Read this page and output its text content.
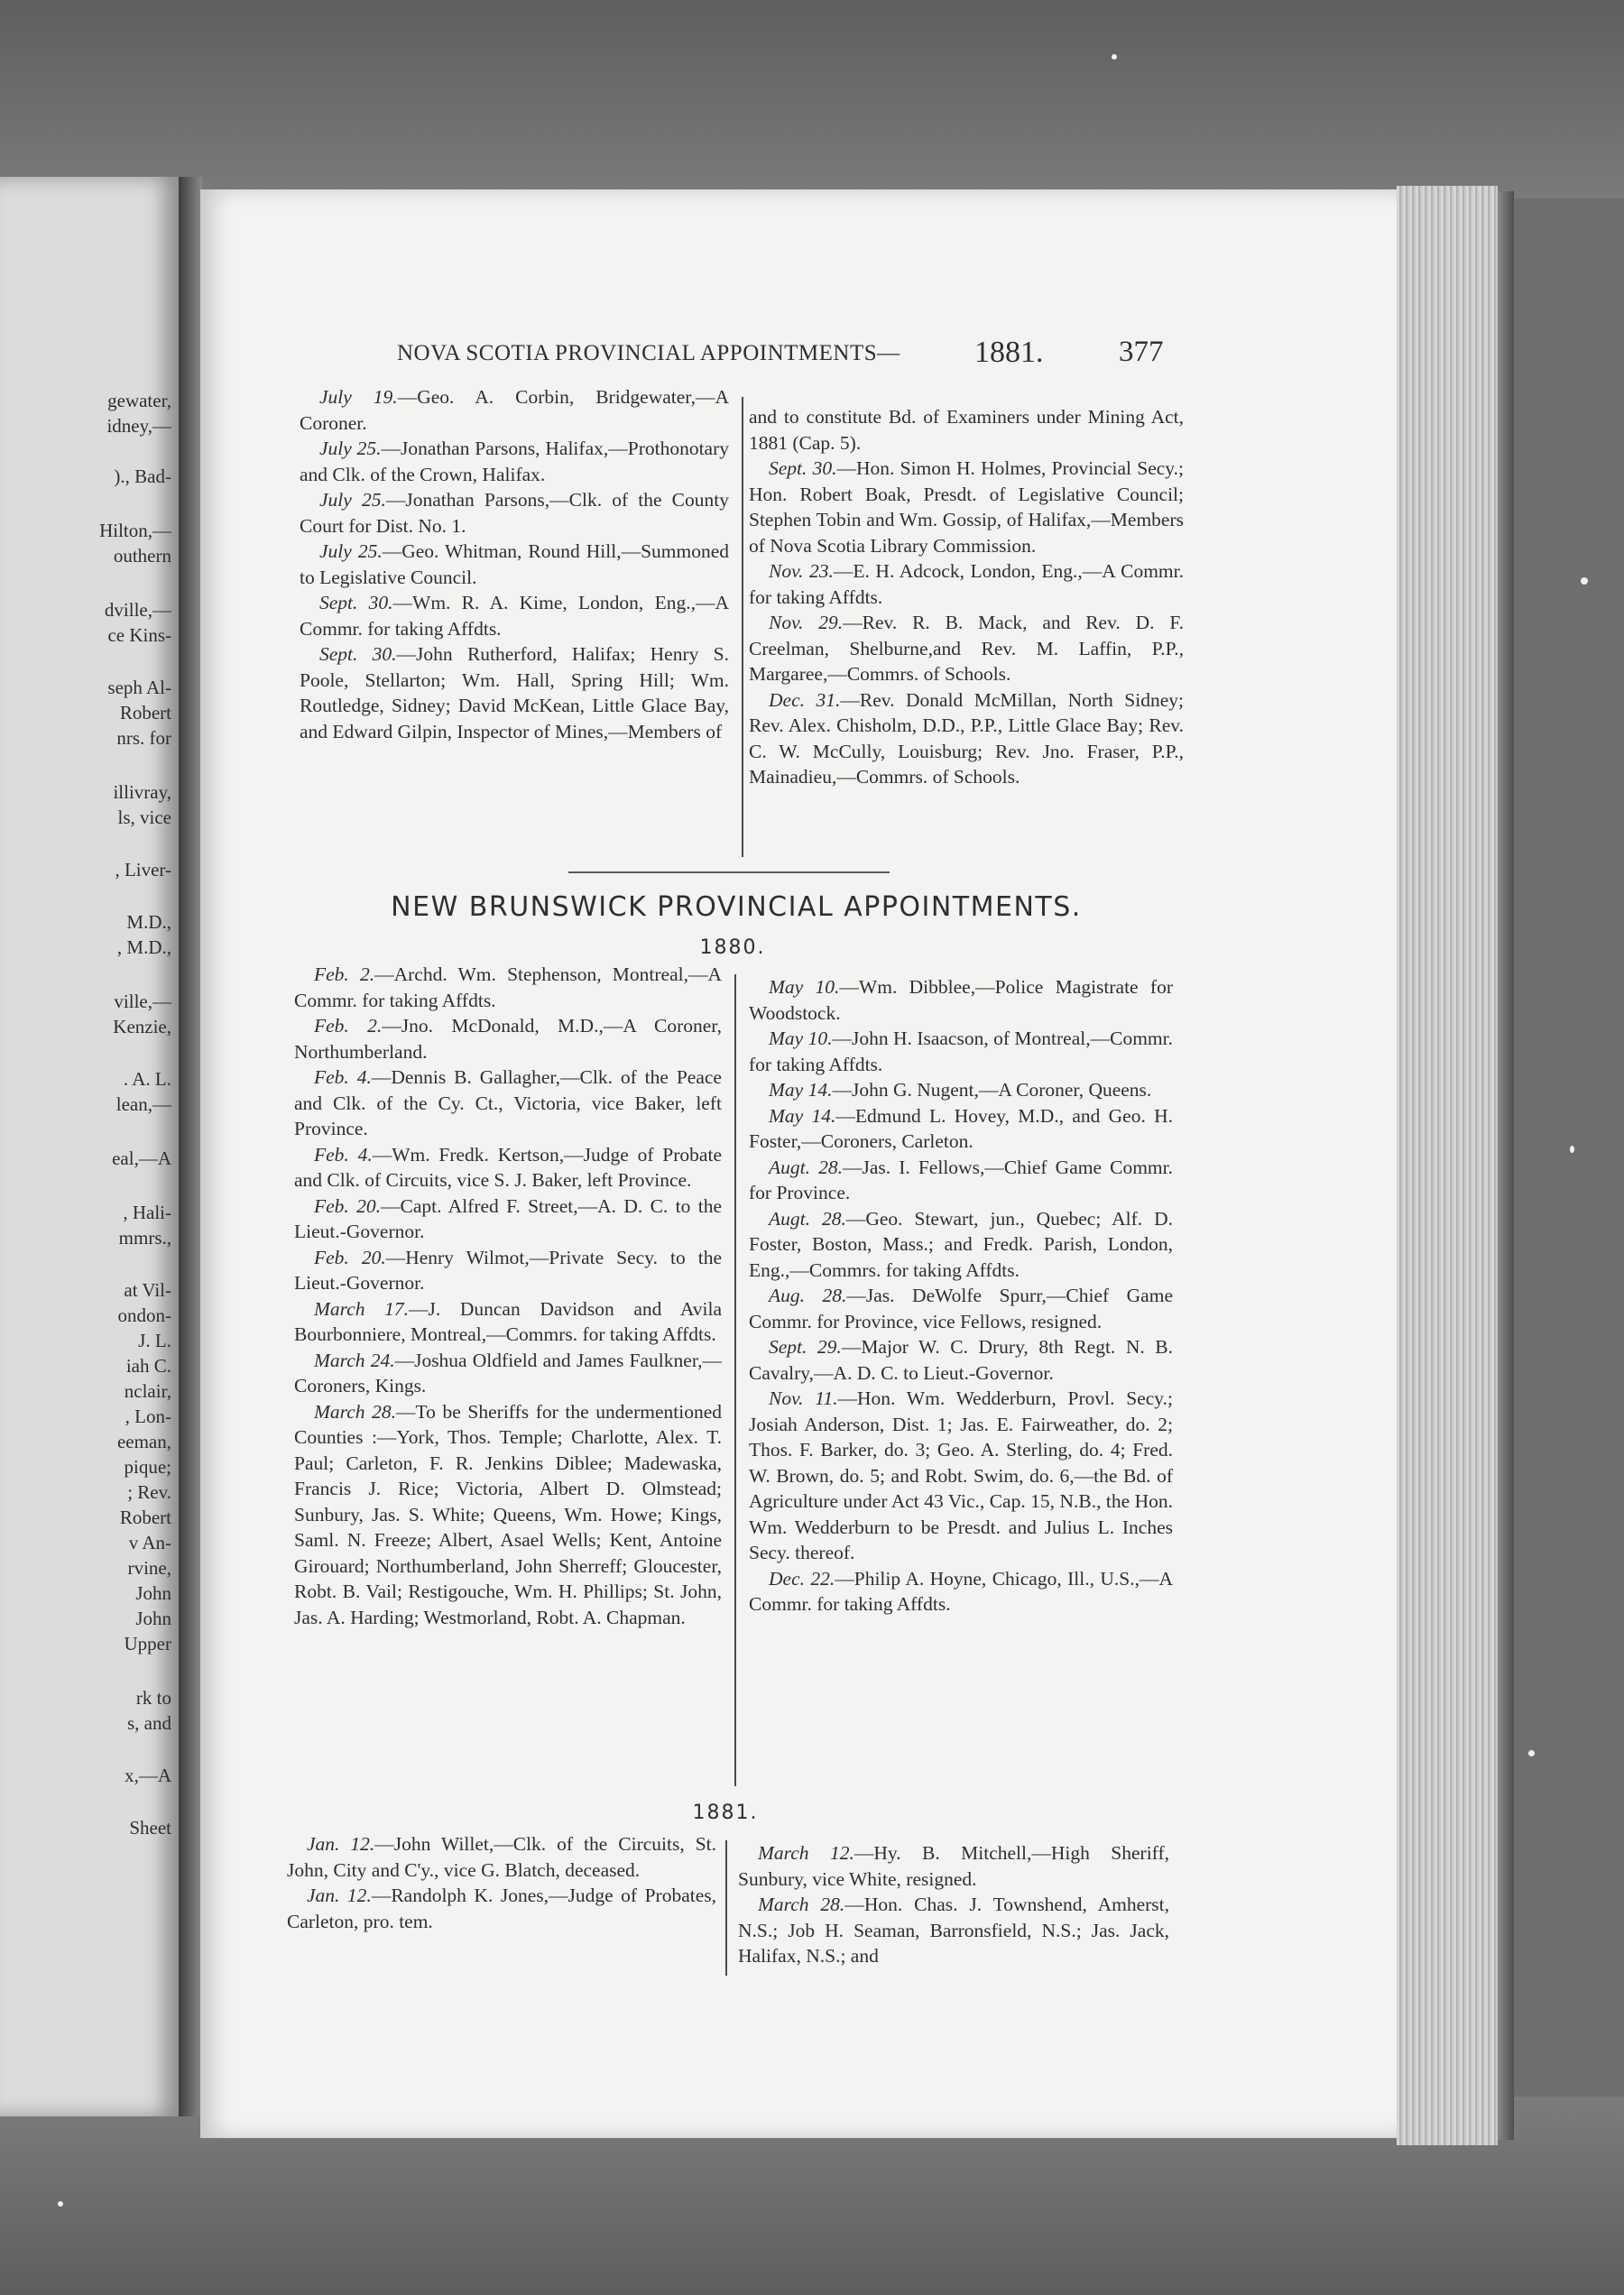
gewater,
idney,—
)., Bad-
Hilton,—
outhern
dville,—
ce Kins-
seph Al-
Robert
nrs. for
illivray,
ls, vice
, Liver-
M.D.,
, M.D.,
ville,—
Kenzie,
. A. L.
lean,—
eal,—A
, Hali-
mmrs.,
at Vil-
ondon-
J. L.
iah C.
nclair,
, Lon-
eeman,
pique;
; Rev.
Robert
v An-
rvine,
John
John
Upper
rk to
s, and
x,—A
Sheet
NOVA SCOTIA PROVINCIAL APPOINTMENTS— 1881.	377

July 19.—Geo. A. Corbin, Bridgewater,—A Coroner.

July 25.—Jonathan Parsons, Halifax,—Prothonotary and Clk. of the Crown, Halifax.

July 25.—Jonathan Parsons,—Clk. of the County Court for Dist. No. 1.

July 25.—Geo. Whitman, Round Hill,—Summoned to Legislative Council.

Sept. 30.—Wm. R. A. Kime, London, Eng.,—A Commr. for taking Affdts.

Sept. 30.—John Rutherford, Halifax; Henry S. Poole, Stellarton; Wm. Hall, Spring Hill; Wm. Routledge, Sidney; David McKean, Little Glace Bay, and Edward Gilpin, Inspector of Mines,—Members of

and to constitute Bd. of Examiners under Mining Act, 1881 (Cap. 5).

Sept. 30.—Hon. Simon H. Holmes, Provincial Secy.; Hon. Robert Boak, Presdt. of Legislative Council; Stephen Tobin and Wm. Gossip, of Halifax,—Members of Nova Scotia Library Commission.

Nov. 23.—E. H. Adcock, London, Eng.,—A Commr. for taking Affdts.

Nov. 29.—Rev. R. B. Mack, and Rev. D. F. Creelman, Shelburne,and Rev. M. Laffin, P.P., Margaree,—Commrs. of Schools.

Dec. 31.—Rev. Donald McMillan, North Sidney; Rev. Alex. Chisholm, D.D., P.P., Little Glace Bay; Rev. C. W. McCully, Louisburg; Rev. Jno. Fraser, P.P., Mainadieu,—Commrs. of Schools.

NEW BRUNSWICK PROVINCIAL APPOINTMENTS.
1880.

Feb. 2.—Archd. Wm. Stephenson, Montreal,—A Commr. for taking Affdts.

Feb. 2.—Jno. McDonald, M.D.,—A Coroner, Northumberland.

Feb. 4.—Dennis B. Gallagher,—Clk. of the Peace and Clk. of the Cy. Ct., Victoria, vice Baker, left Province.

Feb. 4.—Wm. Fredk. Kertson,—Judge of Probate and Clk. of Circuits, vice S. J. Baker, left Province.

Feb. 20.—Capt. Alfred F. Street,—A. D. C. to the Lieut.-Governor.

Feb. 20.—Henry Wilmot,—Private Secy. to the Lieut.-Governor.

March 17.—J. Duncan Davidson and Avila Bourbonniere, Montreal,—Commrs. for taking Affdts.

March 24.—Joshua Oldfield and James Faulkner,—Coroners, Kings.

March 28.—To be Sheriffs for the undermentioned Counties :—York, Thos. Temple; Charlotte, Alex. T. Paul; Carleton, F. R. Jenkins Diblee; Madewaska, Francis J. Rice; Victoria, Albert D. Olmstead; Sunbury, Jas. S. White; Queens, Wm. Howe; Kings, Saml. N. Freeze; Albert, Asael Wells; Kent, Antoine Girouard; Northumberland, John Sherreff; Gloucester, Robt. B. Vail; Restigouche, Wm. H. Phillips; St. John, Jas. A. Harding; Westmorland, Robt. A. Chapman.

May 10.—Wm. Dibblee,—Police Magistrate for Woodstock.

May 10.—John H. Isaacson, of Montreal,—Commr. for taking Affdts.

May 14.—John G. Nugent,—A Coroner, Queens.

May 14.—Edmund L. Hovey, M.D., and Geo. H. Foster,—Coroners, Carleton.

Augt. 28.—Jas. I. Fellows,—Chief Game Commr. for Province.

Augt. 28.—Geo. Stewart, jun., Quebec; Alf. D. Foster, Boston, Mass.; and Fredk. Parish, London, Eng.,—Commrs. for taking Affdts.

Aug. 28.—Jas. DeWolfe Spurr,—Chief Game Commr. for Province, vice Fellows, resigned.

Sept. 29.—Major W. C. Drury, 8th Regt. N. B. Cavalry,—A. D. C. to Lieut.-Governor.

Nov. 11.—Hon. Wm. Wedderburn, Provl. Secy.; Josiah Anderson, Dist. 1; Jas. E. Fairweather, do. 2; Thos. F. Barker, do. 3; Geo. A. Sterling, do. 4; Fred. W. Brown, do. 5; and Robt. Swim, do. 6,—the Bd. of Agriculture under Act 43 Vic., Cap. 15, N.B., the Hon. Wm. Wedderburn to be Presdt. and Julius L. Inches Secy. thereof.

Dec. 22.—Philip A. Hoyne, Chicago, Ill., U.S.,—A Commr. for taking Affdts.

1881.

Jan. 12.—John Willet,—Clk. of the Circuits, St. John, City and C'y., vice G. Blatch, deceased.

Jan. 12.—Randolph K. Jones,—Judge of Probates, Carleton, pro. tem.

March 12.—Hy. B. Mitchell,—High Sheriff, Sunbury, vice White, resigned.

March 28.—Hon. Chas. J. Townshend, Amherst, N.S.; Job H. Seaman, Barronsfield, N.S.; Jas. Jack, Halifax, N.S.; and
